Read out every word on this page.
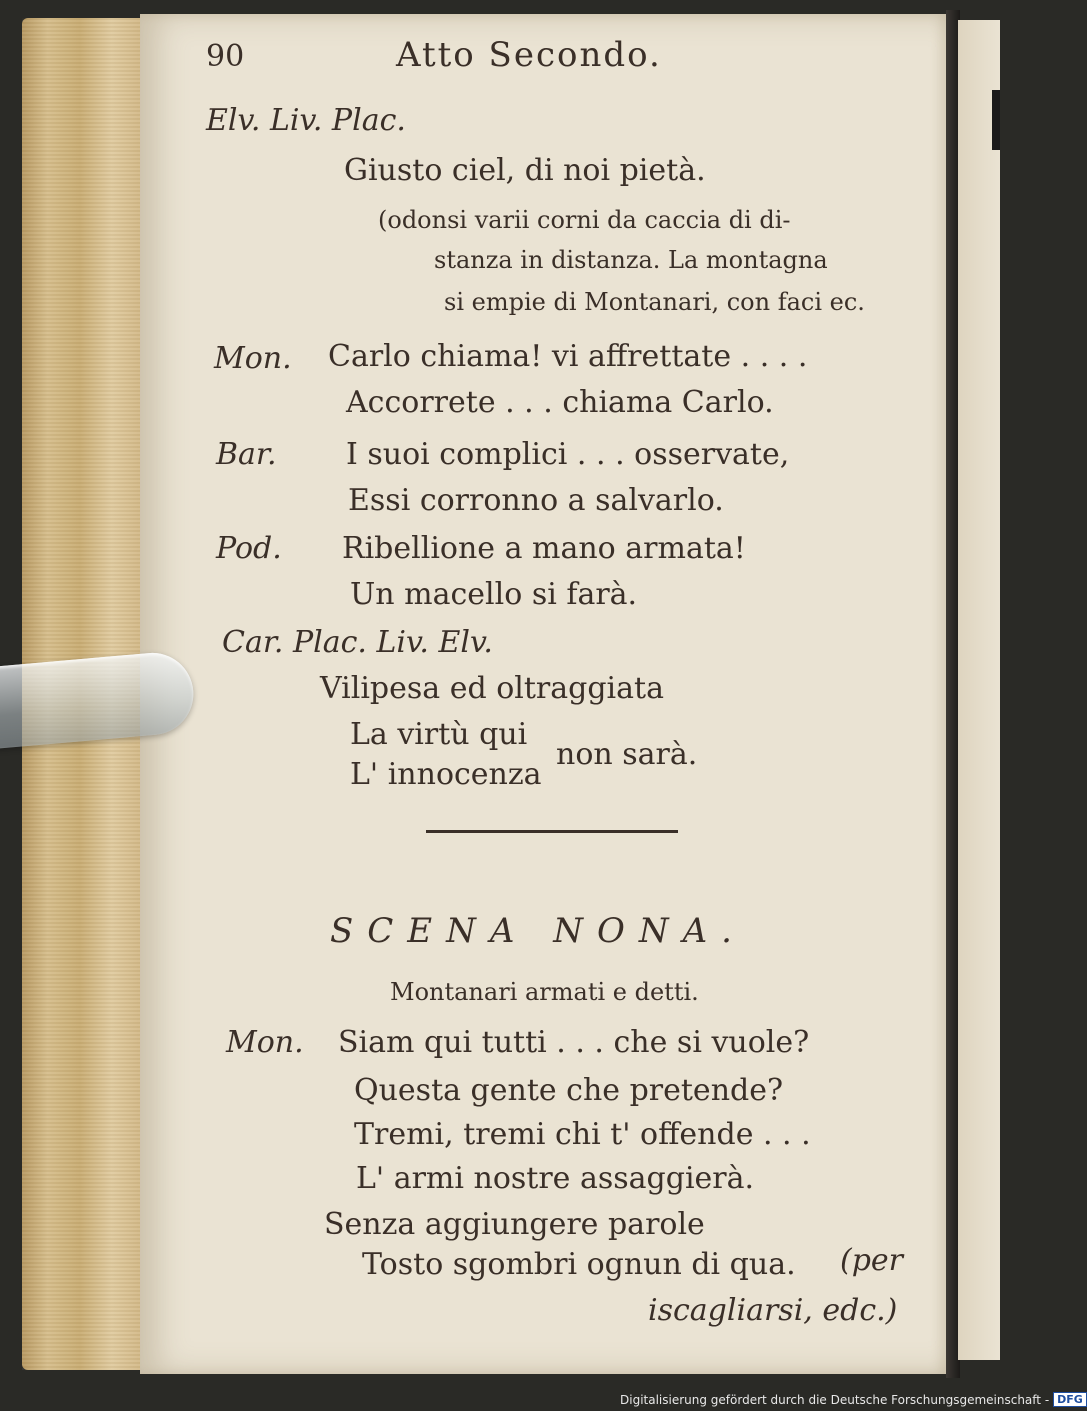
90	Atto Secondo.
Elv. Liv. Plac.
Giusto ciel, di noi pietà.
(odonsi varii corni da caccia di di-
stanza in distanza. La montagna
si empie di Montanari, con faci ec.
Mon. Carlo chiama! vi affrettate . . . .
Accorrete . . . chiama Carlo.
Bar. I suoi complici . . . osservate,
Essi corronno a salvarlo.
Pod. Ribellione a mano armata!
Un macello si farà.
Car. Plac. Liv. Elv.
Vilipesa ed oltraggiata
La virtù qui
L' innocenza
non sarà.
SCENA NONA.
Montanari armati e detti.
Mon. Siam qui tutti . . . che si vuole?
Questa gente che pretende?
Tremi, tremi chi t' offende . . .
L' armi nostre assaggierà.
Senza aggiungere parole
Tosto sgombri ognun di qua. (per
iscagliarsi, edc.)
Digitalisierung gefördert durch die Deutsche Forschungsgemeinschaft - DFG
